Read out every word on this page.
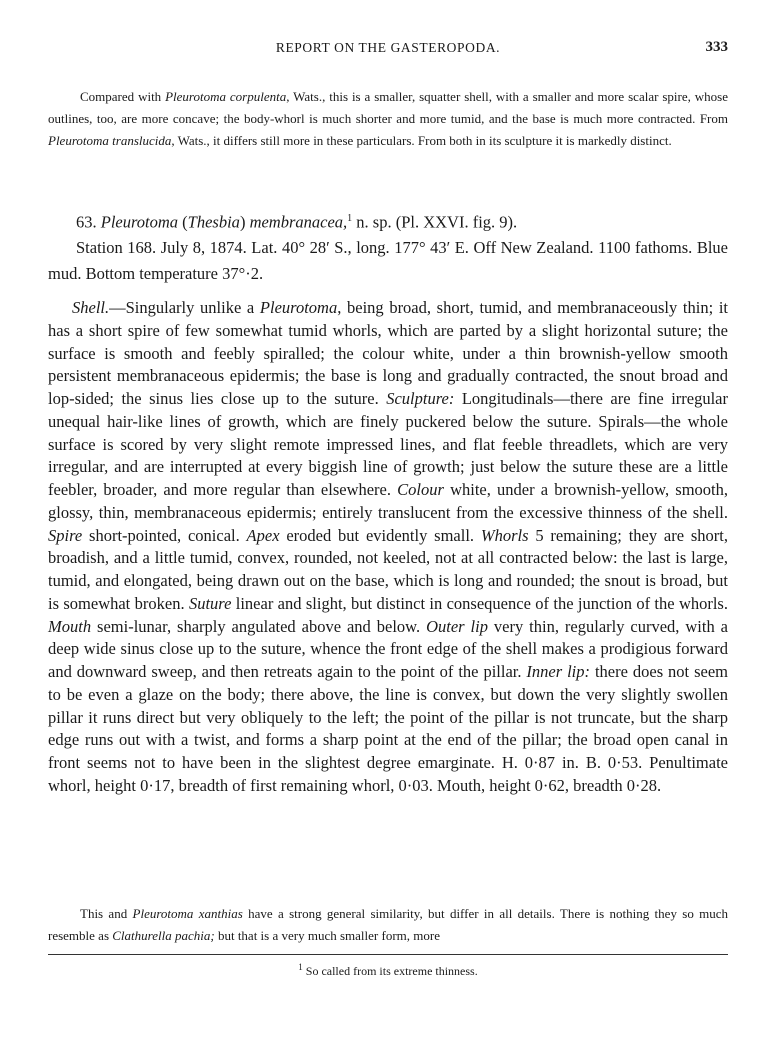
REPORT ON THE GASTEROPODA.	333

Compared with Pleurotoma corpulenta, Wats., this is a smaller, squatter shell, with a smaller and more scalar spire, whose outlines, too, are more concave; the body-whorl is much shorter and more tumid, and the base is much more contracted. From Pleurotoma translucida, Wats., it differs still more in these particulars. From both in its sculpture it is markedly distinct.

63. Pleurotoma (Thesbia) membranacea,$^1$ n. sp. (Pl. XXVI. fig. 9).
Station 168. July 8, 1874. Lat. 40° 28′ S., long. 177° 43′ E. Off New Zealand. 1100 fathoms. Blue mud. Bottom temperature 37°·2.

Shell.—Singularly unlike a Pleurotoma, being broad, short, tumid, and membranaceously thin; it has a short spire of few somewhat tumid whorls, which are parted by a slight horizontal suture; the surface is smooth and feebly spiralled; the colour white, under a thin brownish-yellow smooth persistent membranaceous epidermis; the base is long and gradually contracted, the snout broad and lop-sided; the sinus lies close up to the suture. Sculpture: Longitudinals—there are fine irregular unequal hair-like lines of growth, which are finely puckered below the suture. Spirals—the whole surface is scored by very slight remote impressed lines, and flat feeble threadlets, which are very irregular, and are interrupted at every biggish line of growth; just below the suture these are a little feebler, broader, and more regular than elsewhere. Colour white, under a brownish-yellow, smooth, glossy, thin, membranaceous epidermis; entirely translucent from the excessive thinness of the shell. Spire short-pointed, conical. Apex eroded but evidently small. Whorls 5 remaining; they are short, broadish, and a little tumid, convex, rounded, not keeled, not at all contracted below: the last is large, tumid, and elongated, being drawn out on the base, which is long and rounded; the snout is broad, but is somewhat broken. Suture linear and slight, but distinct in consequence of the junction of the whorls. Mouth semi-lunar, sharply angulated above and below. Outer lip very thin, regularly curved, with a deep wide sinus close up to the suture, whence the front edge of the shell makes a prodigious forward and downward sweep, and then retreats again to the point of the pillar. Inner lip: there does not seem to be even a glaze on the body; there above, the line is convex, but down the very slightly swollen pillar it runs direct but very obliquely to the left; the point of the pillar is not truncate, but the sharp edge runs out with a twist, and forms a sharp point at the end of the pillar; the broad open canal in front seems not to have been in the slightest degree emarginate. H. 0·87 in. B. 0·53. Penultimate whorl, height 0·17, breadth of first remaining whorl, 0·03. Mouth, height 0·62, breadth 0·28.

This and Pleurotoma xanthias have a strong general similarity, but differ in all details. There is nothing they so much resemble as Clathurella pachia; but that is a very much smaller form, more

$^1$ So called from its extreme thinness.
